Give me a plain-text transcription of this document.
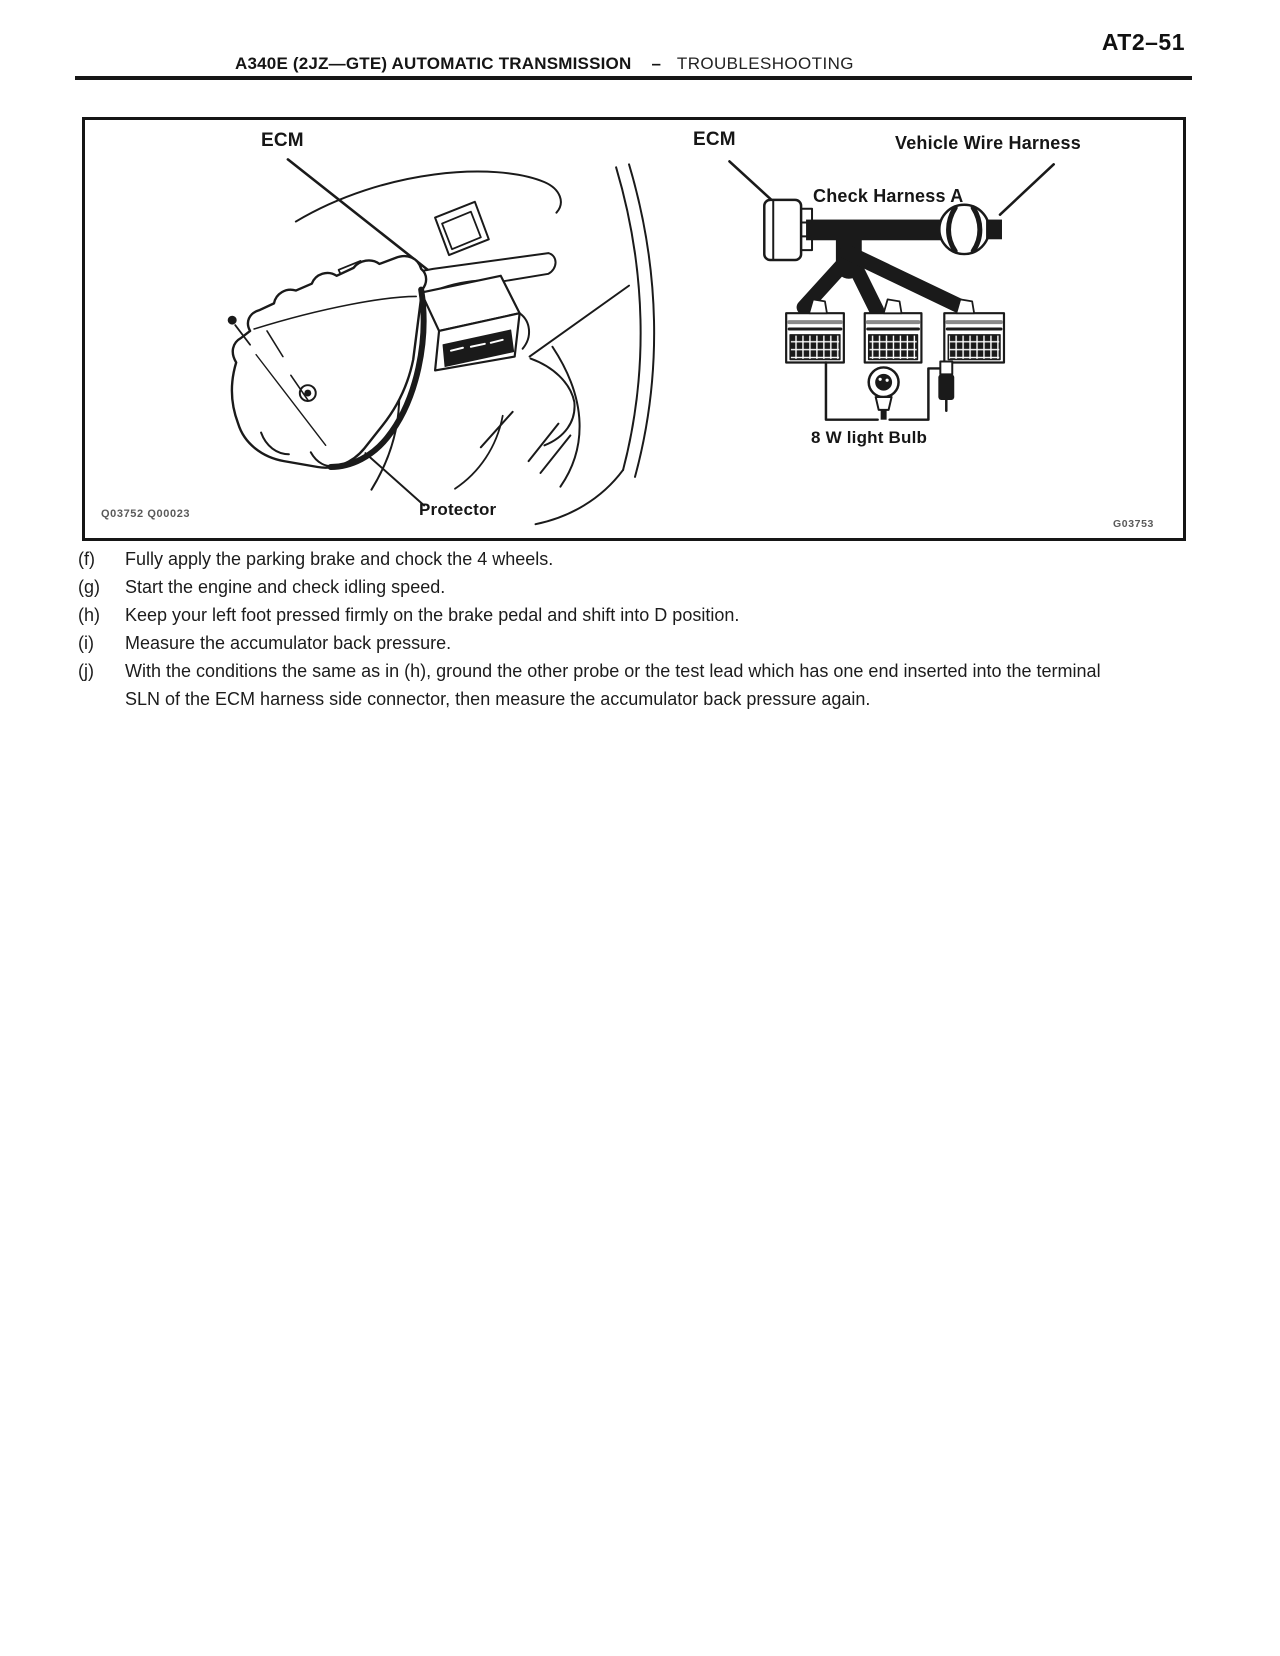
AT2–51
A340E (2JZ—GTE) AUTOMATIC TRANSMISSION – TROUBLESHOOTING
ECM
Protector
Q03752 Q00023
ECM	Vehicle Wire Harness
Check Harness A
8 W light Bulb
G03753
(f)	Fully apply the parking brake and chock the 4 wheels.
(g)	Start the engine and check idling speed.
(h)	Keep your left foot pressed firmly on the brake pedal and shift into D position.
(i)	Measure the accumulator back pressure.
(j)	With the conditions the same as in (h), ground the other probe or the test lead which has one end inserted into the terminal SLN of the ECM harness side connector, then measure the accumulator back pressure again.
